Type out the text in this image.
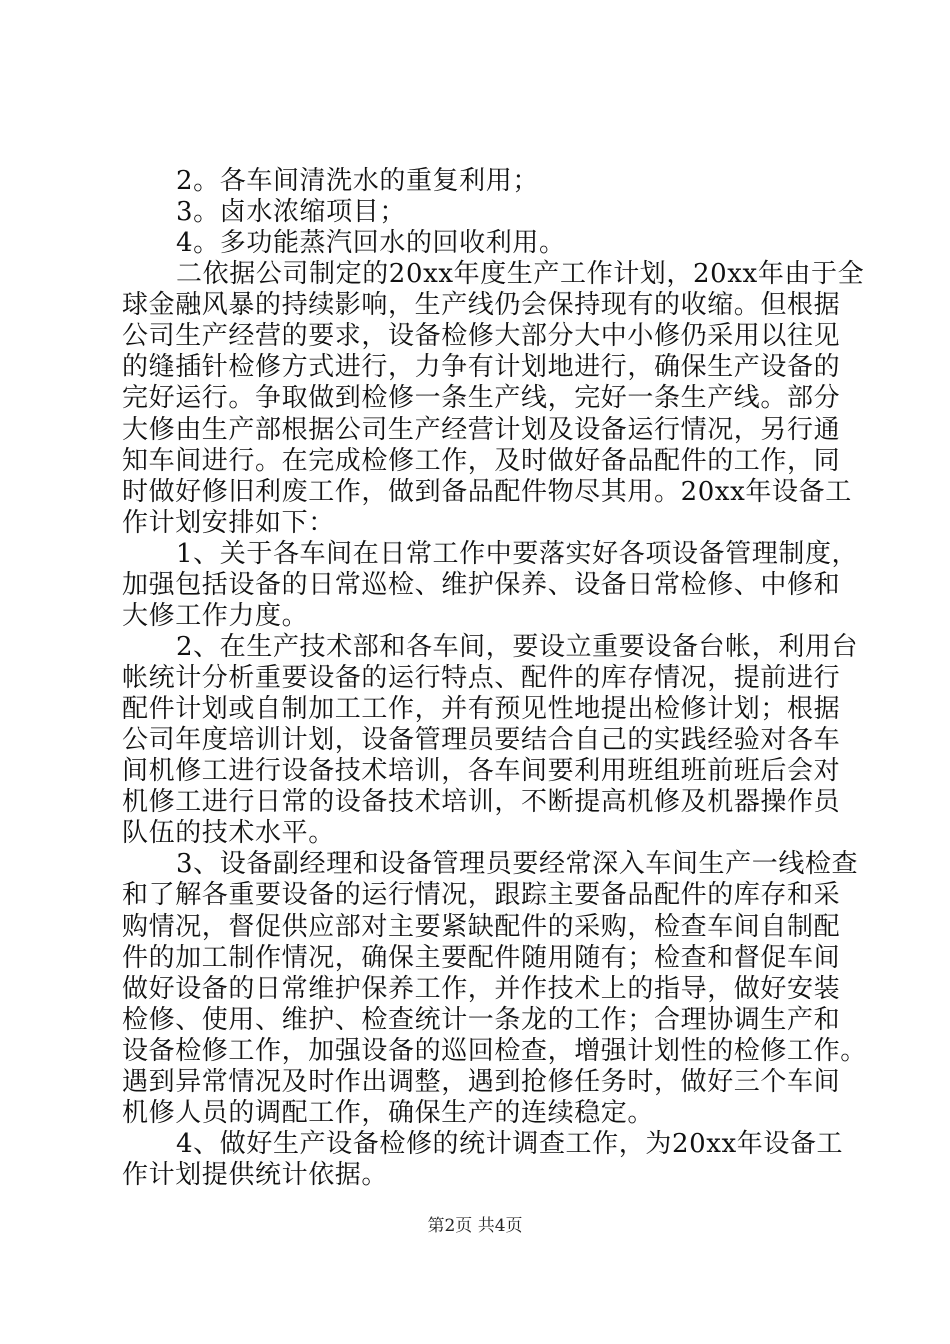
2。各车间清洗水的重复利用；
3。卤水浓缩项目；
4。多功能蒸汽回水的回收利用。
二依据公司制定的20xx年度生产工作计划，20xx年由于全
球金融风暴的持续影响，生产线仍会保持现有的收缩。但根据
公司生产经营的要求，设备检修大部分大中小修仍采用以往见
的缝插针检修方式进行，力争有计划地进行，确保生产设备的
完好运行。争取做到检修一条生产线，完好一条生产线。部分
大修由生产部根据公司生产经营计划及设备运行情况，另行通
知车间进行。在完成检修工作，及时做好备品配件的工作，同
时做好修旧利废工作，做到备品配件物尽其用。20xx年设备工
作计划安排如下：
1、关于各车间在日常工作中要落实好各项设备管理制度，
加强包括设备的日常巡检、维护保养、设备日常检修、中修和
大修工作力度。
2、在生产技术部和各车间，要设立重要设备台帐，利用台
帐统计分析重要设备的运行特点、配件的库存情况，提前进行
配件计划或自制加工工作，并有预见性地提出检修计划；根据
公司年度培训计划，设备管理员要结合自己的实践经验对各车
间机修工进行设备技术培训，各车间要利用班组班前班后会对
机修工进行日常的设备技术培训，不断提高机修及机器操作员
队伍的技术水平。
3、设备副经理和设备管理员要经常深入车间生产一线检查
和了解各重要设备的运行情况，跟踪主要备品配件的库存和采
购情况，督促供应部对主要紧缺配件的采购，检查车间自制配
件的加工制作情况，确保主要配件随用随有；检查和督促车间
做好设备的日常维护保养工作，并作技术上的指导，做好安装
检修、使用、维护、检查统计一条龙的工作；合理协调生产和
设备检修工作，加强设备的巡回检查，增强计划性的检修工作。
遇到异常情况及时作出调整，遇到抢修任务时，做好三个车间
机修人员的调配工作，确保生产的连续稳定。
4、做好生产设备检修的统计调查工作，为20xx年设备工
作计划提供统计依据。
第2页 共4页
